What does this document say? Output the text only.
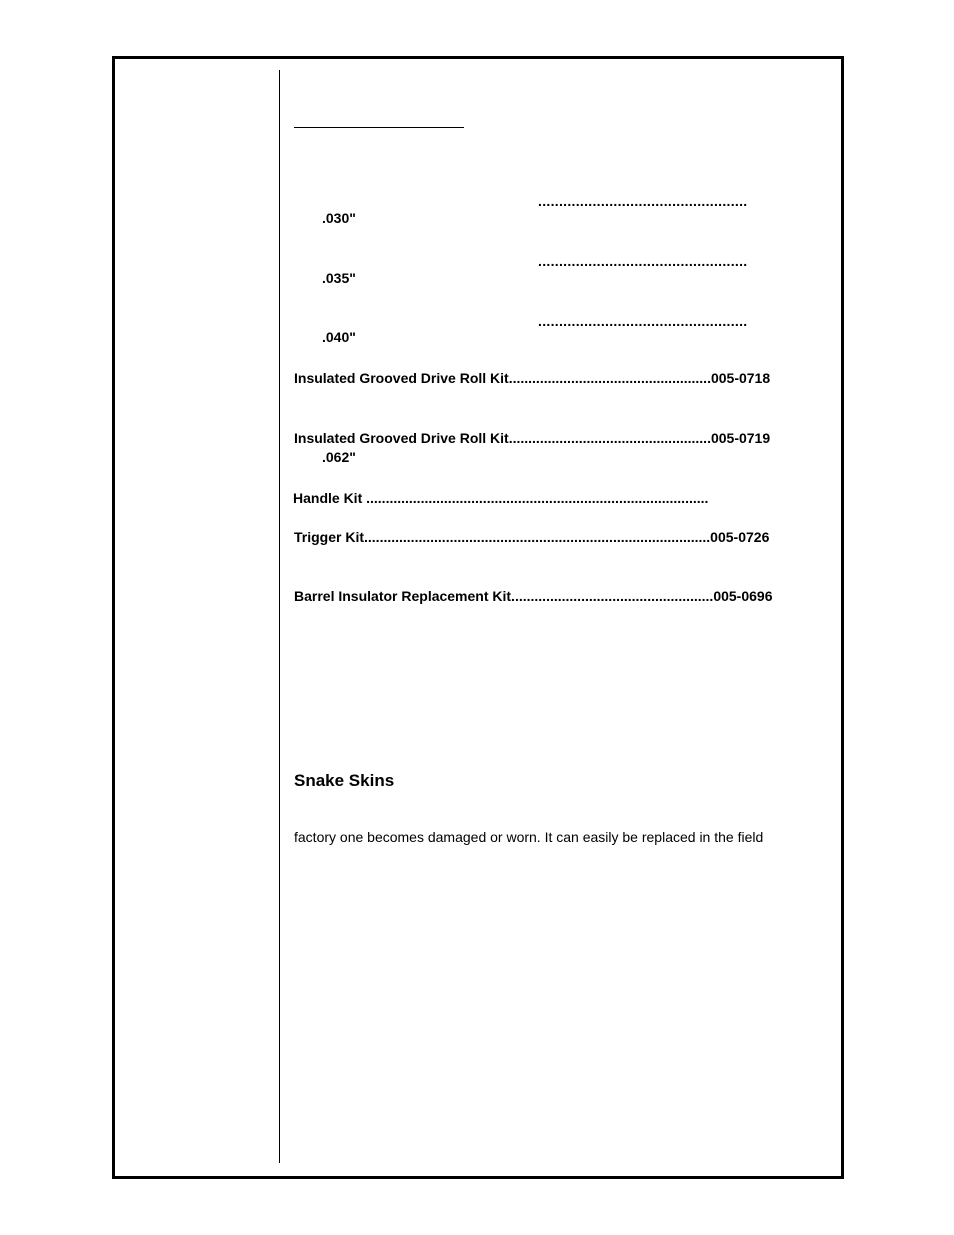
..................................................
.030"
..................................................
.035"
..................................................
.040"
Insulated Grooved Drive Roll Kit....................................................005-0718
Insulated Grooved Drive Roll Kit....................................................005-0719
.062"
Handle Kit ........................................................................................
Trigger Kit.........................................................................................005-0726
Barrel Insulator Replacement Kit....................................................005-0696
Snake Skins
factory one becomes damaged or worn. It can easily be replaced in the field
